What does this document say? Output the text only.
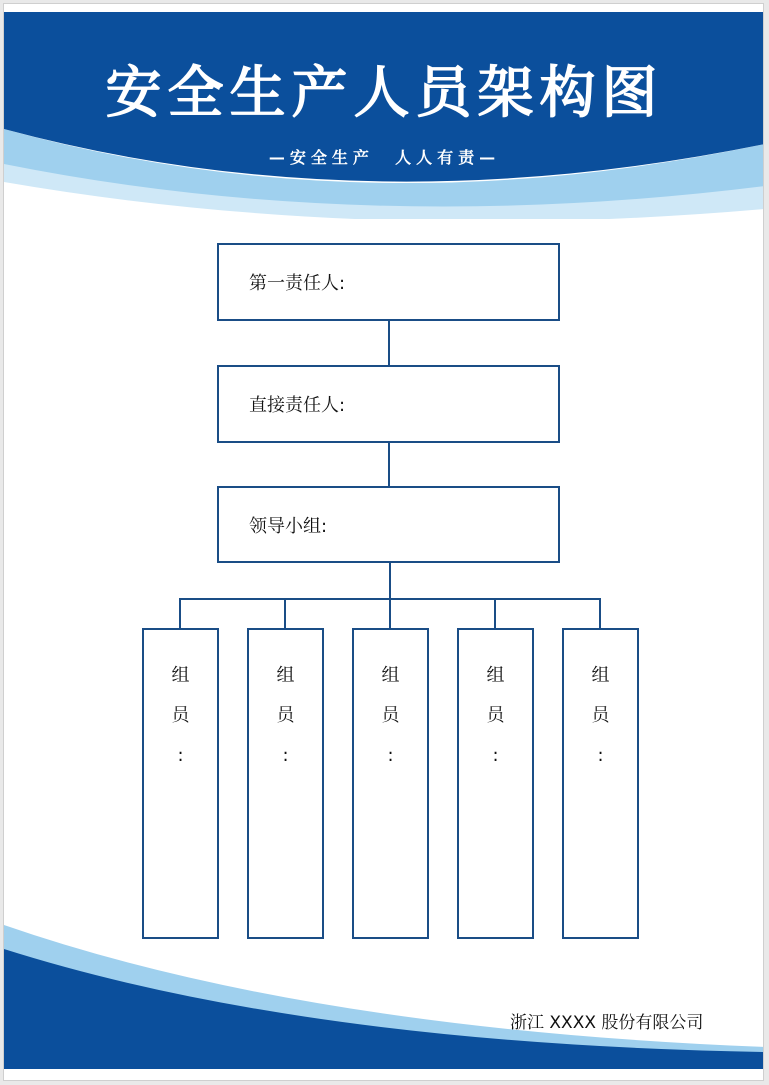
安全生产人员架构图
—安全生产  人人有责—
第一责任人:
直接责任人:
领导小组:
组
员
:
组
员
:
组
员
:
组
员
:
组
员
:
浙江 XXXX 股份有限公司
